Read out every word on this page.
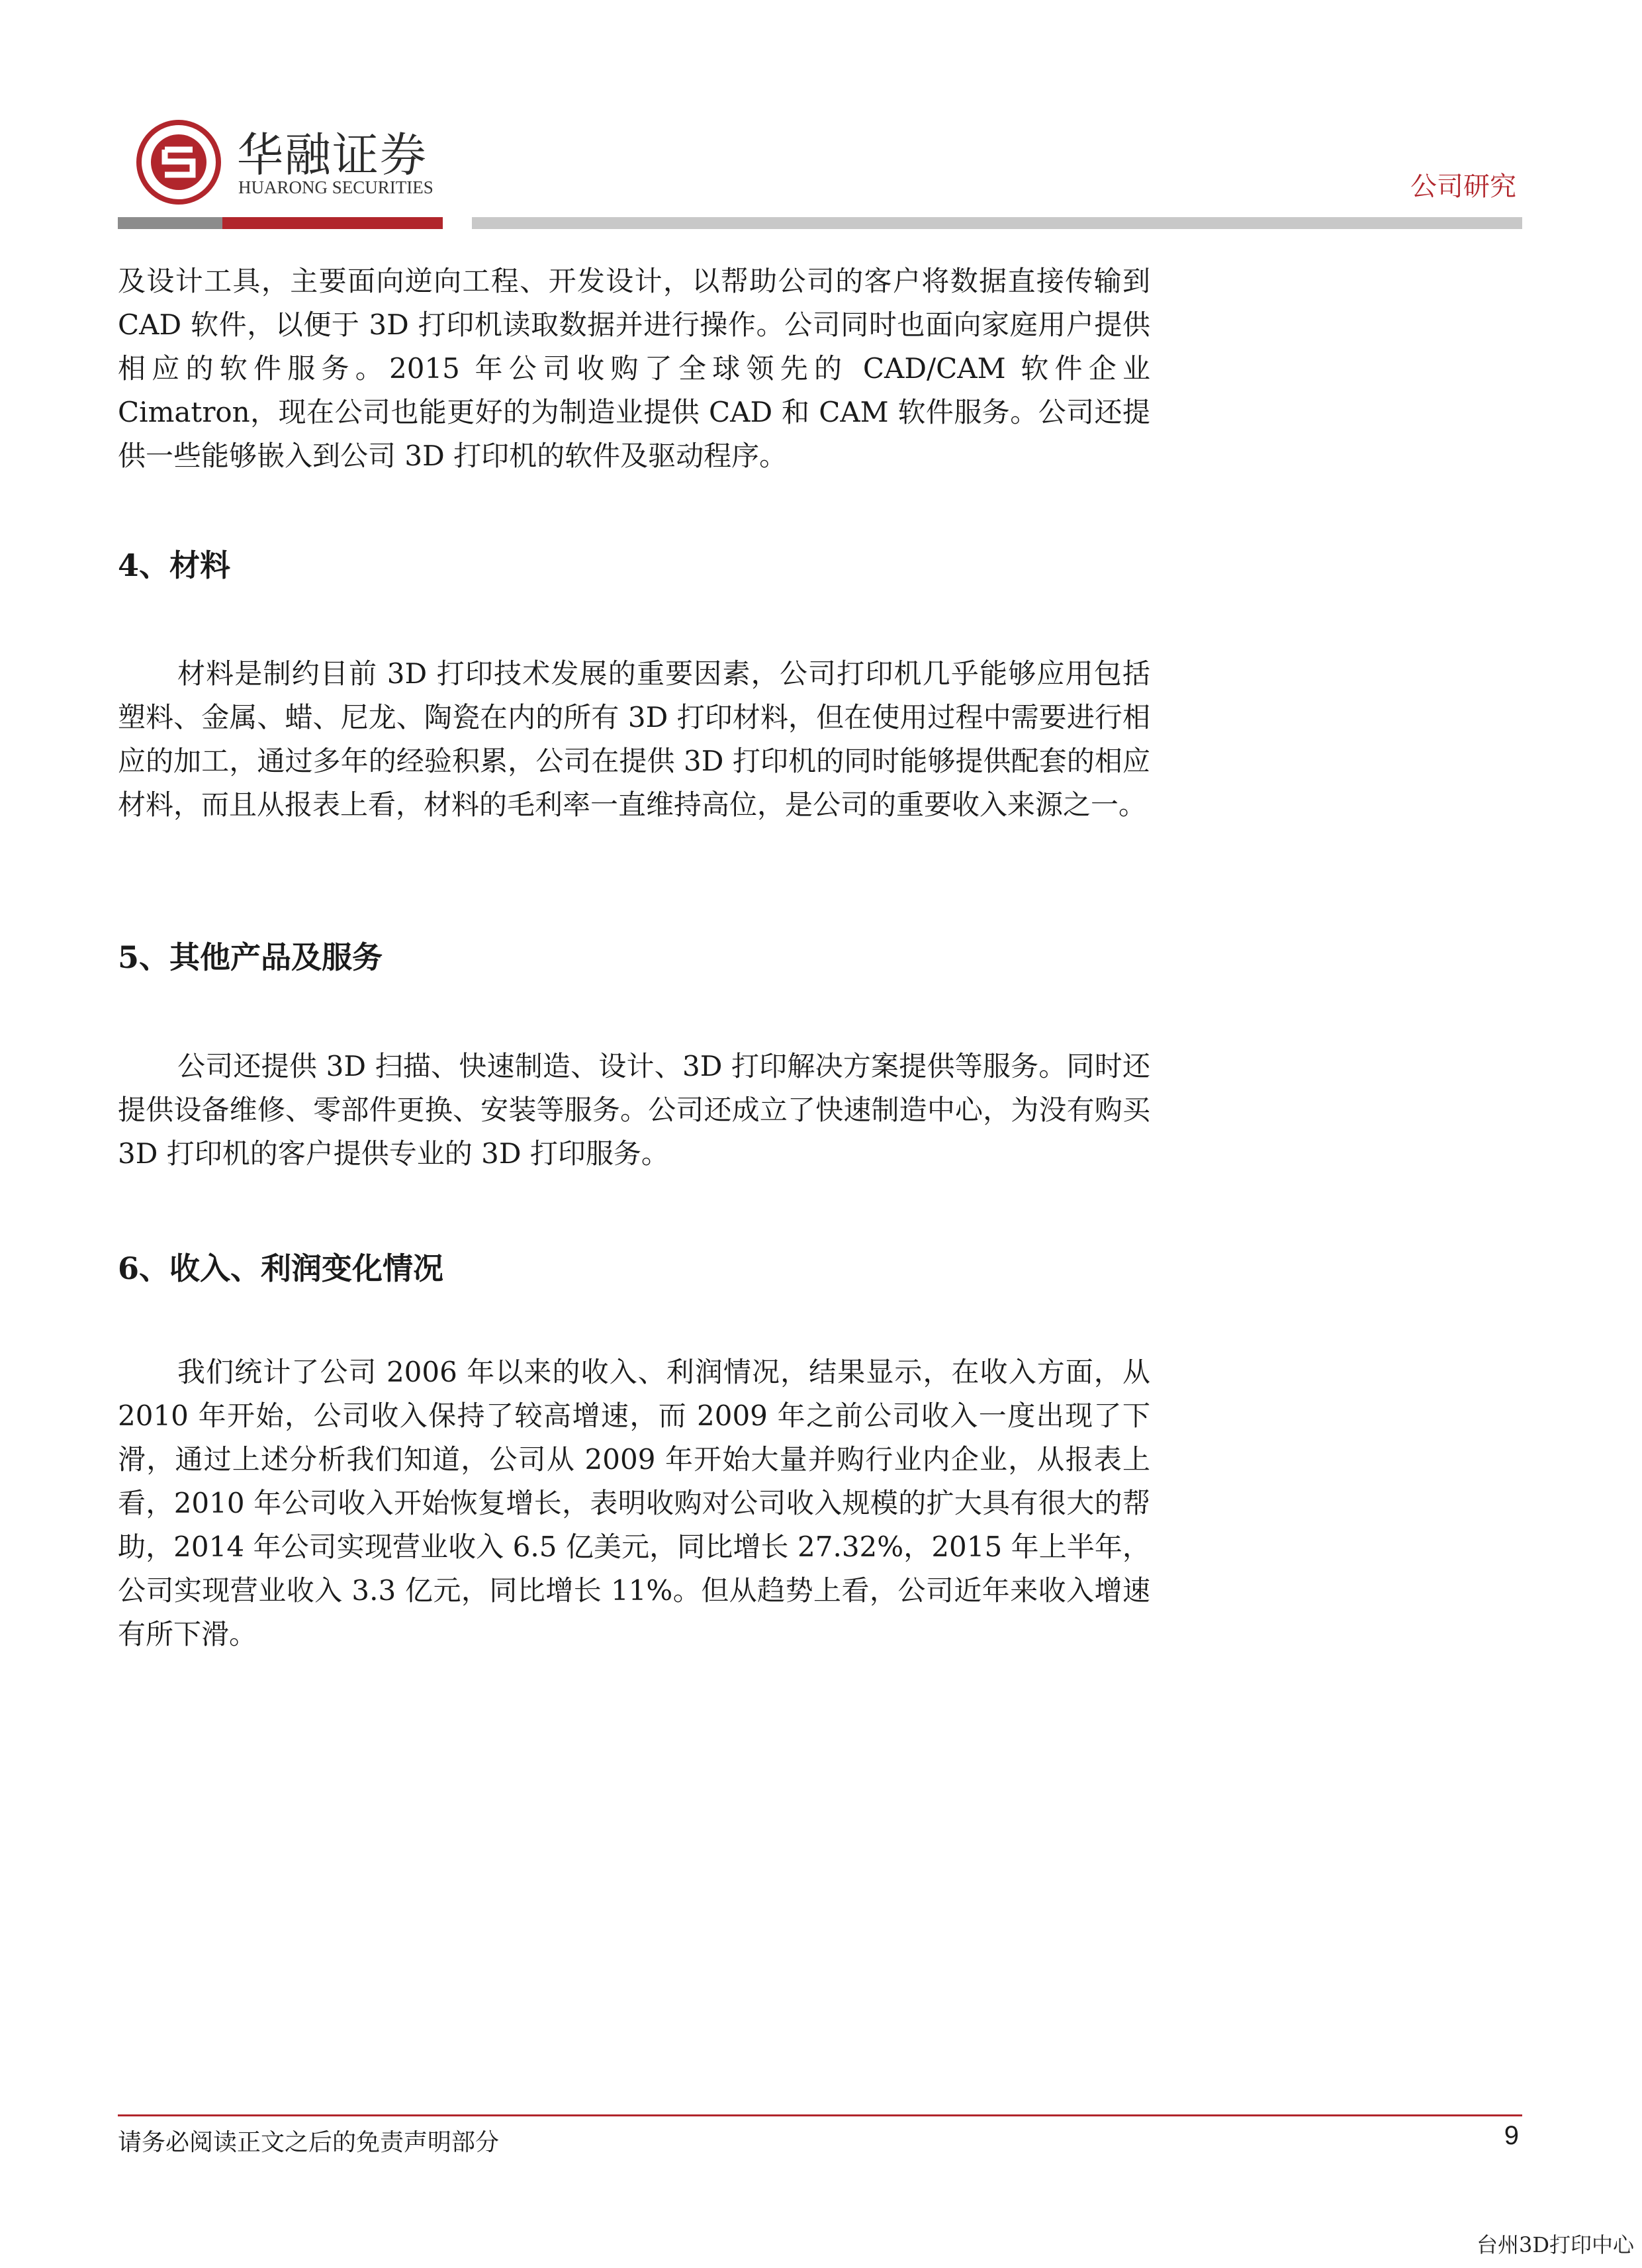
华融证券
HUARONG SECURITIES	公司研究

及设计工具，主要面向逆向工程、开发设计，以帮助公司的客户将数据直接传输到 CAD 软件，以便于 3D 打印机读取数据并进行操作。公司同时也面向家庭用户提供相应的软件服务。2015 年公司收购了全球领先的 CAD/CAM 软件企业 Cimatron，现在公司也能更好的为制造业提供 CAD 和 CAM 软件服务。公司还提供一些能够嵌入到公司 3D 打印机的软件及驱动程序。

4、材料

材料是制约目前 3D 打印技术发展的重要因素，公司打印机几乎能够应用包括塑料、金属、蜡、尼龙、陶瓷在内的所有 3D 打印材料，但在使用过程中需要进行相应的加工，通过多年的经验积累，公司在提供 3D 打印机的同时能够提供配套的相应材料，而且从报表上看，材料的毛利率一直维持高位，是公司的重要收入来源之一。

5、其他产品及服务

公司还提供 3D 扫描、快速制造、设计、3D 打印解决方案提供等服务。同时还提供设备维修、零部件更换、安装等服务。公司还成立了快速制造中心，为没有购买 3D 打印机的客户提供专业的 3D 打印服务。

6、收入、利润变化情况

我们统计了公司 2006 年以来的收入、利润情况，结果显示，在收入方面，从 2010 年开始，公司收入保持了较高增速，而 2009 年之前公司收入一度出现了下滑，通过上述分析我们知道，公司从 2009 年开始大量并购行业内企业，从报表上看，2010 年公司收入开始恢复增长，表明收购对公司收入规模的扩大具有很大的帮助，2014 年公司实现营业收入 6.5 亿美元，同比增长 27.32%，2015 年上半年，公司实现营业收入 3.3 亿元，同比增长 11%。但从趋势上看，公司近年来收入增速有所下滑。

请务必阅读正文之后的免责声明部分	9
台州3D打印中心
